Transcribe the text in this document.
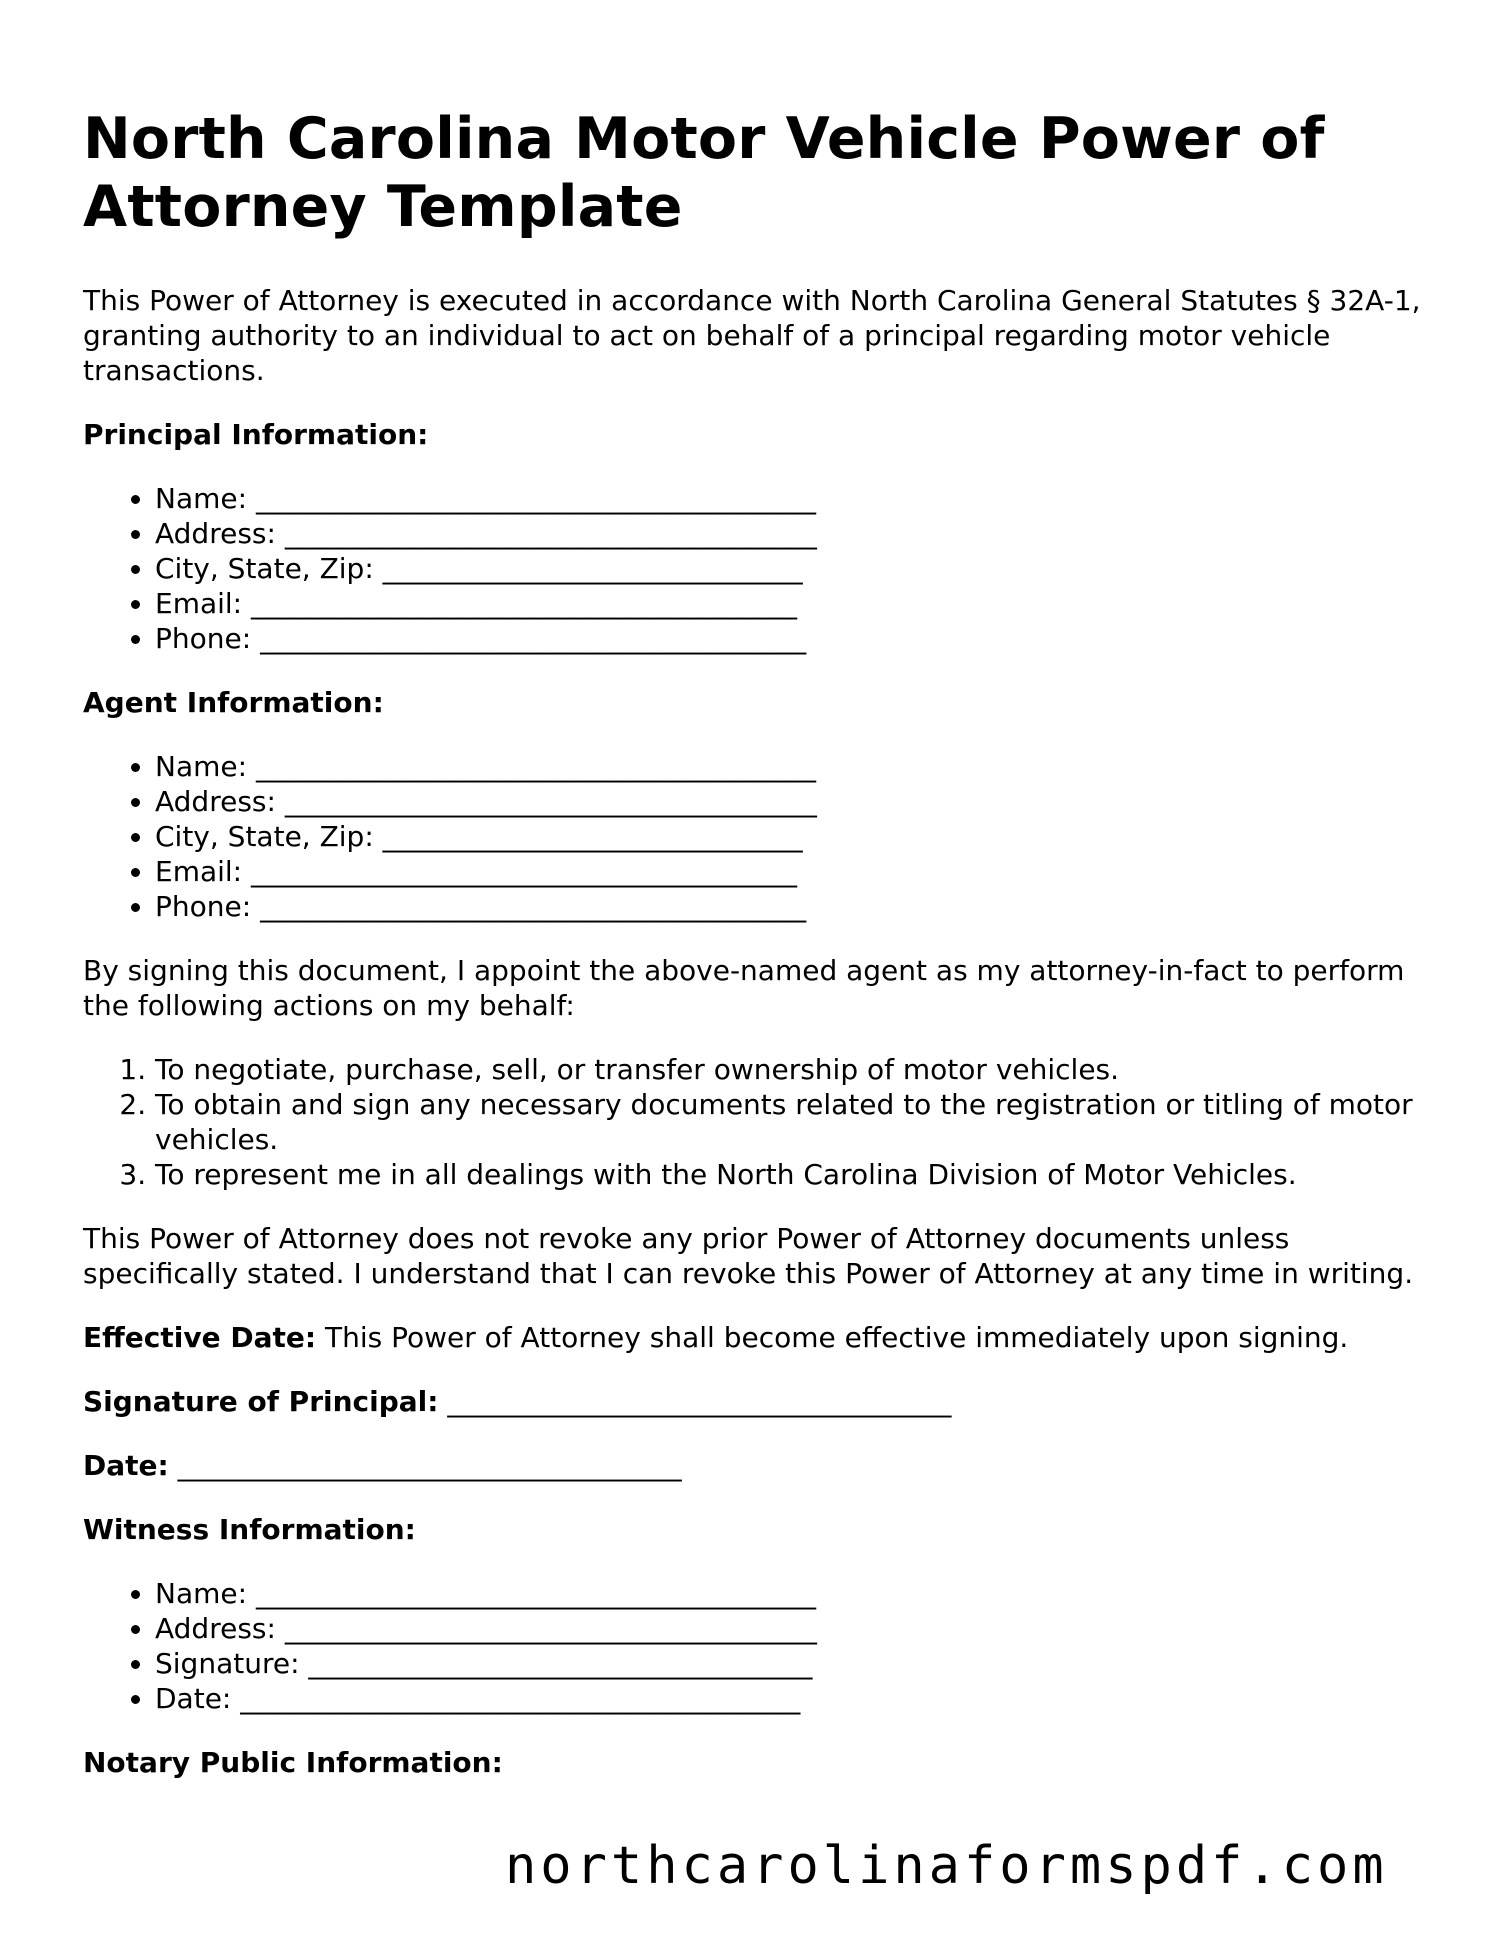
North Carolina Motor Vehicle Power of Attorney Template

This Power of Attorney is executed in accordance with North Carolina General Statutes § 32A-1, granting authority to an individual to act on behalf of a principal regarding motor vehicle transactions.

Principal Information:

• Name: ________________________________________
• Address: ______________________________________
• City, State, Zip: ______________________________
• Email: _______________________________________
• Phone: _______________________________________

Agent Information:

• Name: ________________________________________
• Address: ______________________________________
• City, State, Zip: ______________________________
• Email: _______________________________________
• Phone: _______________________________________

By signing this document, I appoint the above-named agent as my attorney-in-fact to perform the following actions on my behalf:

1. To negotiate, purchase, sell, or transfer ownership of motor vehicles.
2. To obtain and sign any necessary documents related to the registration or titling of motor vehicles.
3. To represent me in all dealings with the North Carolina Division of Motor Vehicles.

This Power of Attorney does not revoke any prior Power of Attorney documents unless specifically stated. I understand that I can revoke this Power of Attorney at any time in writing.

Effective Date: This Power of Attorney shall become effective immediately upon signing.

Signature of Principal: ____________________________________

Date: ____________________________________

Witness Information:

• Name: ________________________________________
• Address: ______________________________________
• Signature: ____________________________________
• Date: ________________________________________

Notary Public Information:

northcarolinaformspdf.com
